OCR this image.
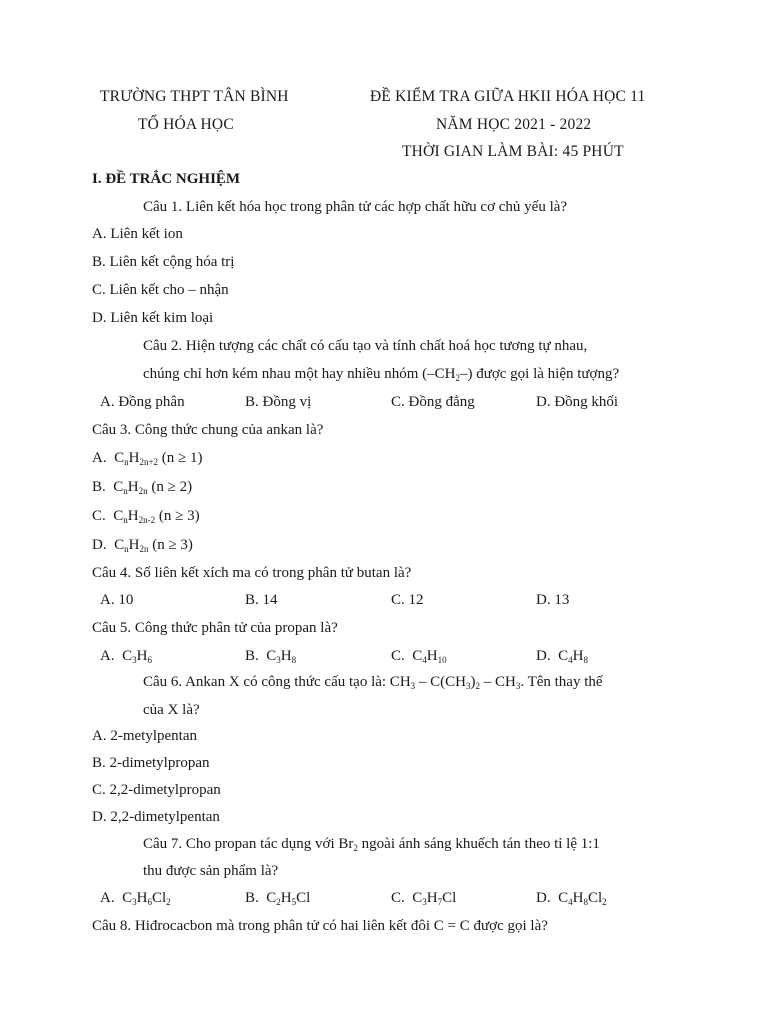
TRƯỜNG THPT TÂN BÌNH
TỔ HÓA HỌC
ĐỀ KIỂM TRA GIỮA HKII HÓA HỌC 11
NĂM HỌC 2021 - 2022
THỜI GIAN LÀM BÀI: 45 PHÚT
I. ĐỀ TRẮC NGHIỆM
Câu 1. Liên kết hóa học trong phân tử các hợp chất hữu cơ chủ yếu là?
A. Liên kết ion
B. Liên kết cộng hóa trị
C. Liên kết cho – nhận
D. Liên kết kim loại
Câu 2. Hiện tượng các chất có cấu tạo và tính chất hoá học tương tự nhau,
chúng chỉ hơn kém nhau một hay nhiều nhóm $(-CH_2-)$ được gọi là hiện tượng?
A. Đồng phân	B. Đồng vị	C. Đồng đẳng	D. Đồng khối
Câu 3. Công thức chung của ankan là?
A. $C_nH_{2n+2}$ (n ≥ 1)
B. $C_nH_{2n}$ (n ≥ 2)
C. $C_nH_{2n-2}$ (n ≥ 3)
D. $C_nH_{2n}$ (n ≥ 3)
Câu 4. Số liên kết xích ma có trong phân tử butan là?
A. 10	B. 14	C. 12	D. 13
Câu 5. Công thức phân tử của propan là?
A. $C_3H_6$	B. $C_3H_8$	C. $C_4H_{10}$	D. $C_4H_8$
Câu 6. Ankan X có công thức cấu tạo là: $CH_3 - C(CH_3)_2 - CH_3$. Tên thay thế
của X là?
A. 2-metylpentan
B. 2-dimetylpropan
C. 2,2-dimetylpropan
D. 2,2-dimetylpentan
Câu 7. Cho propan tác dụng với $Br_2$ ngoài ánh sáng khuếch tán theo tỉ lệ 1:1
thu được sản phẩm là?
A. $C_3H_6Cl_2$	B. $C_2H_5Cl$	C. $C_3H_7Cl$	D. $C_4H_8Cl_2$
Câu 8. Hiđrocacbon mà trong phân tử có hai liên kết đôi C = C được gọi là?
